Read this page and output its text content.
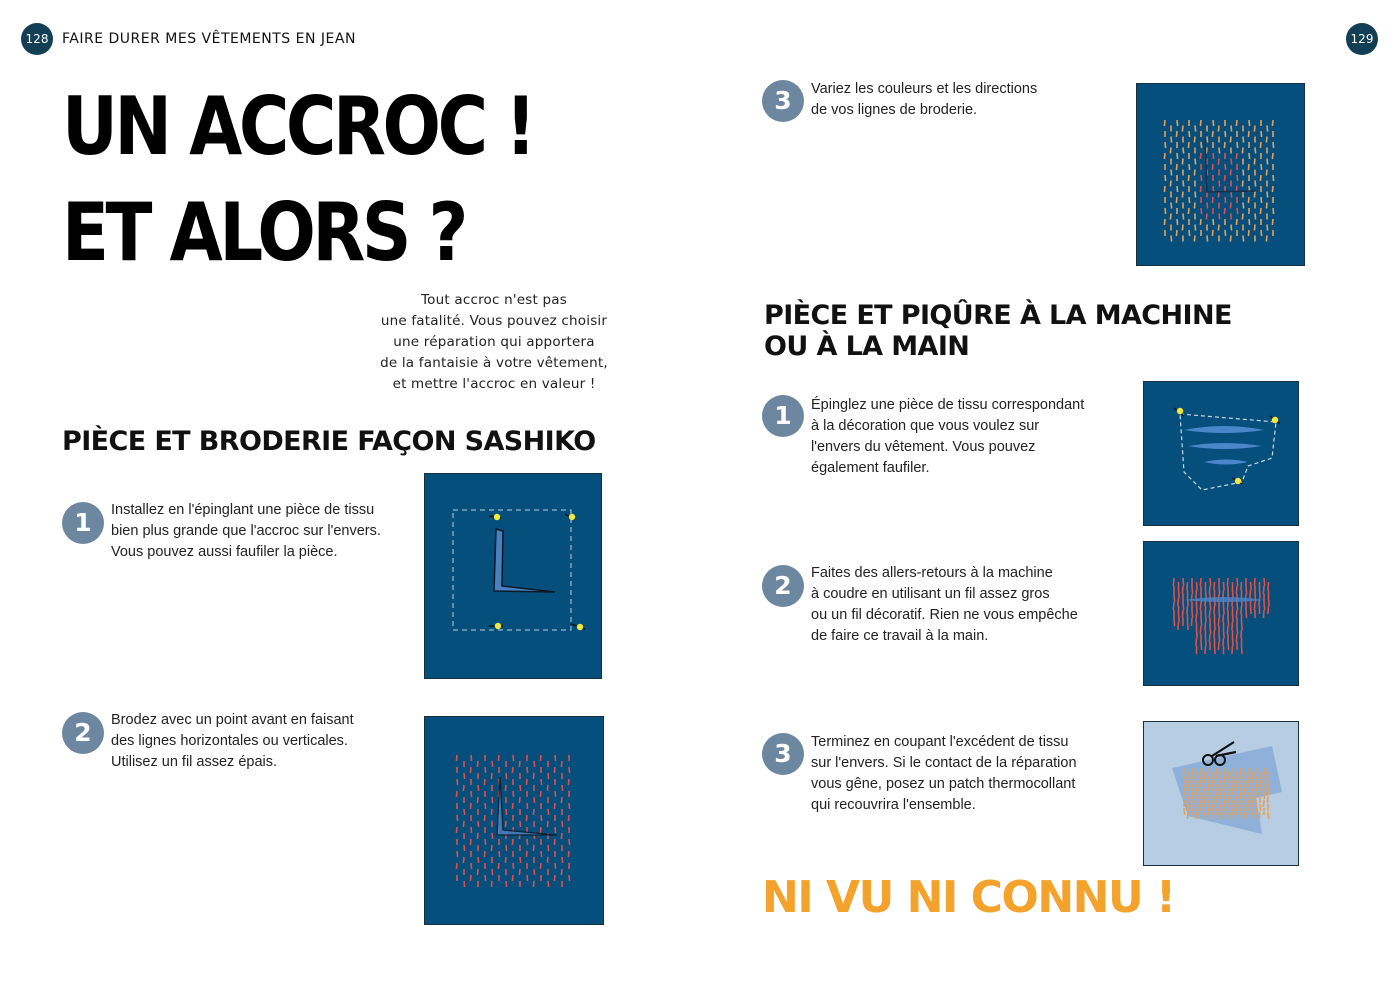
128 FAIRE DURER MES VÊTEMENTS EN JEAN
UN ACCROC !
ET ALORS ?
Tout accroc n'est pas
une fatalité. Vous pouvez choisir
une réparation qui apportera
de la fantaisie à votre vêtement,
et mettre l'accroc en valeur !
PIÈCE ET BRODERIE FAÇON SASHIKO
1	Installez en l'épinglant une pièce de tissu
bien plus grande que l'accroc sur l'envers.
Vous pouvez aussi faufiler la pièce.
2	Brodez avec un point avant en faisant
des lignes horizontales ou verticales.
Utilisez un fil assez épais.
129
3	Variez les couleurs et les directions
de vos lignes de broderie.
PIÈCE ET PIQÛRE À LA MACHINE
OU À LA MAIN
1	Épinglez une pièce de tissu correspondant
à la décoration que vous voulez sur
l'envers du vêtement. Vous pouvez
également faufiler.
2	Faites des allers-retours à la machine
à coudre en utilisant un fil assez gros
ou un fil décoratif. Rien ne vous empêche
de faire ce travail à la main.
3	Terminez en coupant l'excédent de tissu
sur l'envers. Si le contact de la réparation
vous gêne, posez un patch thermocollant
qui recouvrira l'ensemble.
NI VU NI CONNU !
